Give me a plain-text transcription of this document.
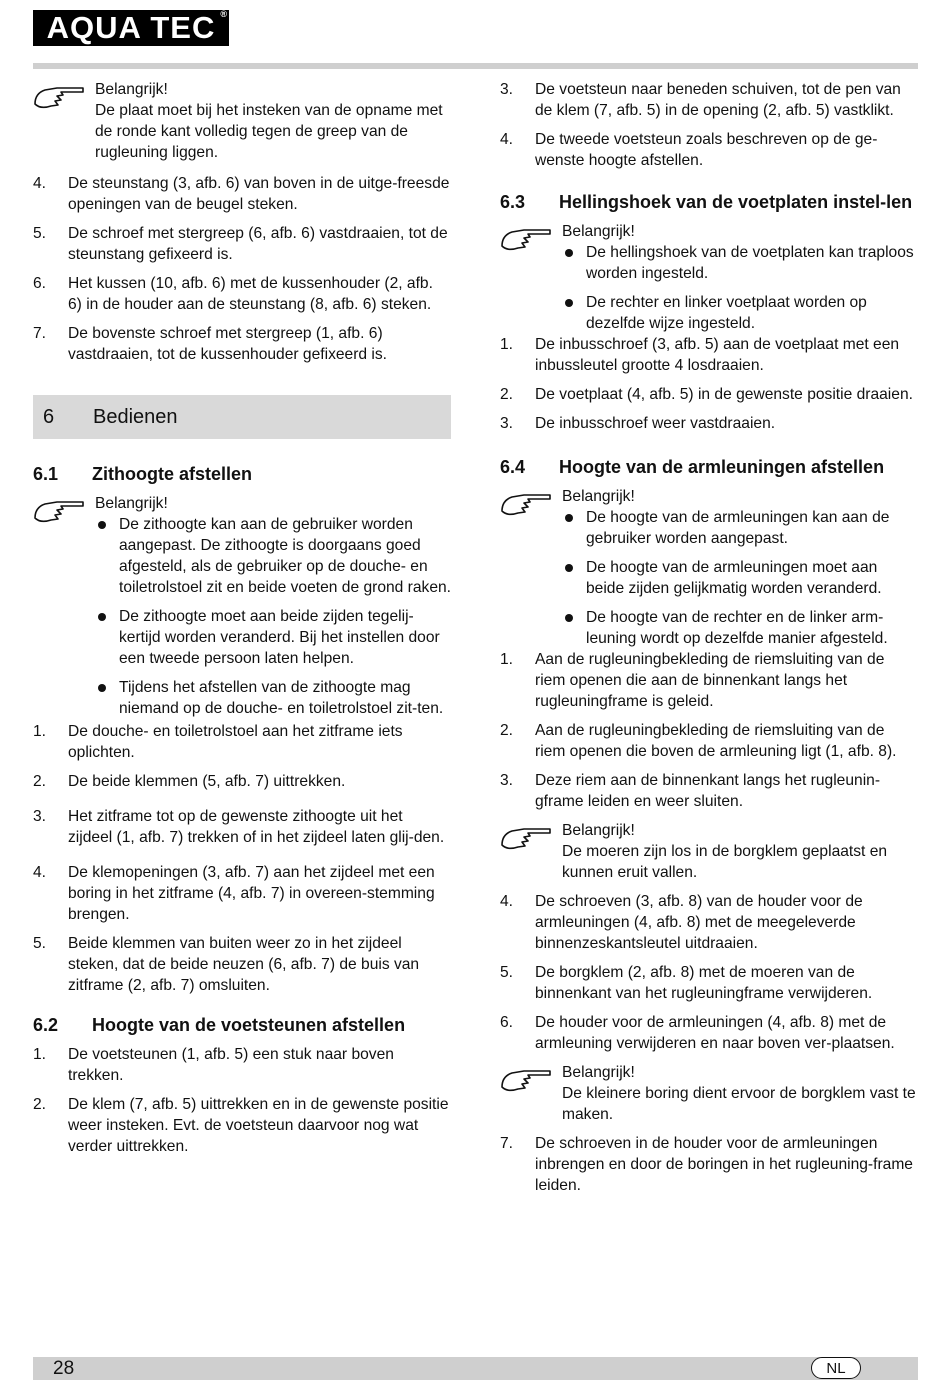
AQUA TEC ®
Belangrijk!

De plaat moet bij het insteken van de opname met de ronde kant volledig tegen de greep van de rugleuning liggen.

4. De steunstang (3, afb. 6) van boven in de uitge-freesde openingen van de beugel steken.
5. De schroef met stergreep (6, afb. 6) vastdraaien, tot de steunstang gefixeerd is.
6. Het kussen (10, afb. 6) met de kussenhouder (2, afb. 6) in de houder aan de steunstang (8, afb. 6) steken.
7. De bovenste schroef met stergreep (1, afb. 6) vastdraaien, tot de kussenhouder gefixeerd is.
6 Bedienen
6.1 Zithoogte afstellen
Belangrijk!
De zithoogte kan aan de gebruiker worden aangepast. De zithoogte is doorgaans goed afgesteld, als de gebruiker op de douche- en toiletrolstoel zit en beide voeten de grond raken.
De zithoogte moet aan beide zijden tegelij-kertijd worden veranderd. Bij het instellen door een tweede persoon laten helpen.
Tijdens het afstellen van de zithoogte mag niemand op de douche- en toiletrolstoel zit-ten.
1. De douche- en toiletrolstoel aan het zitframe iets oplichten.
2. De beide klemmen (5, afb. 7) uittrekken.
3. Het zitframe tot op de gewenste zithoogte uit het zijdeel (1, afb. 7) trekken of in het zijdeel laten glij-den.
4. De klemopeningen (3, afb. 7) aan het zijdeel met een boring in het zitframe (4, afb. 7) in overeen-stemming brengen.
5. Beide klemmen van buiten weer zo in het zijdeel steken, dat de beide neuzen (6, afb. 7) de buis van zitframe (2, afb. 7) omsluiten.
6.2 Hoogte van de voetsteunen afstellen
1. De voetsteunen (1, afb. 5) een stuk naar boven trekken.
2. De klem (7, afb. 5) uittrekken en in de gewenste positie weer insteken. Evt. de voetsteun daarvoor nog wat verder uittrekken.
3. De voetsteun naar beneden schuiven, tot de pen van de klem (7, afb. 5) in de opening (2, afb. 5) vastklikt.
4. De tweede voetsteun zoals beschreven op de ge-wenste hoogte afstellen.
6.3 Hellingshoek van de voetplaten instel-len
Belangrijk!
De hellingshoek van de voetplaten kan traploos worden ingesteld.
De rechter en linker voetplaat worden op dezelfde wijze ingesteld.
1. De inbusschroef (3, afb. 5) aan de voetplaat met een inbussleutel grootte 4 losdraaien.
2. De voetplaat (4, afb. 5) in de gewenste positie draaien.
3. De inbusschroef weer vastdraaien.
6.4 Hoogte van de armleuningen afstellen
Belangrijk!
De hoogte van de armleuningen kan aan de gebruiker worden aangepast.
De hoogte van de armleuningen moet aan beide zijden gelijkmatig worden veranderd.
De hoogte van de rechter en de linker arm-leuning wordt op dezelfde manier afgesteld.
1. Aan de rugleuningbekleding de riemsluiting van de riem openen die aan de binnenkant langs het rugleuningframe is geleid.
2. Aan de rugleuningbekleding de riemsluiting van de riem openen die boven de armleuning ligt (1, afb. 8).
3. Deze riem aan de binnenkant langs het rugleunin-gframe leiden en weer sluiten.
Belangrijk!

De moeren zijn los in de borgklem geplaatst en kunnen eruit vallen.

4. De schroeven (3, afb. 8) van de houder voor de armleuningen (4, afb. 8) met de meegeleverde binnenzeskantsleutel uitdraaien.
5. De borgklem (2, afb. 8) met de moeren van de binnenkant van het rugleuningframe verwijderen.
6. De houder voor de armleuningen (4, afb. 8) met de armleuning verwijderen en naar boven ver-plaatsen.
Belangrijk!

De kleinere boring dient ervoor de borgklem vast te maken.

7. De schroeven in de houder voor de armleuningen inbrengen en door de boringen in het rugleuning-frame leiden.
28	NL
